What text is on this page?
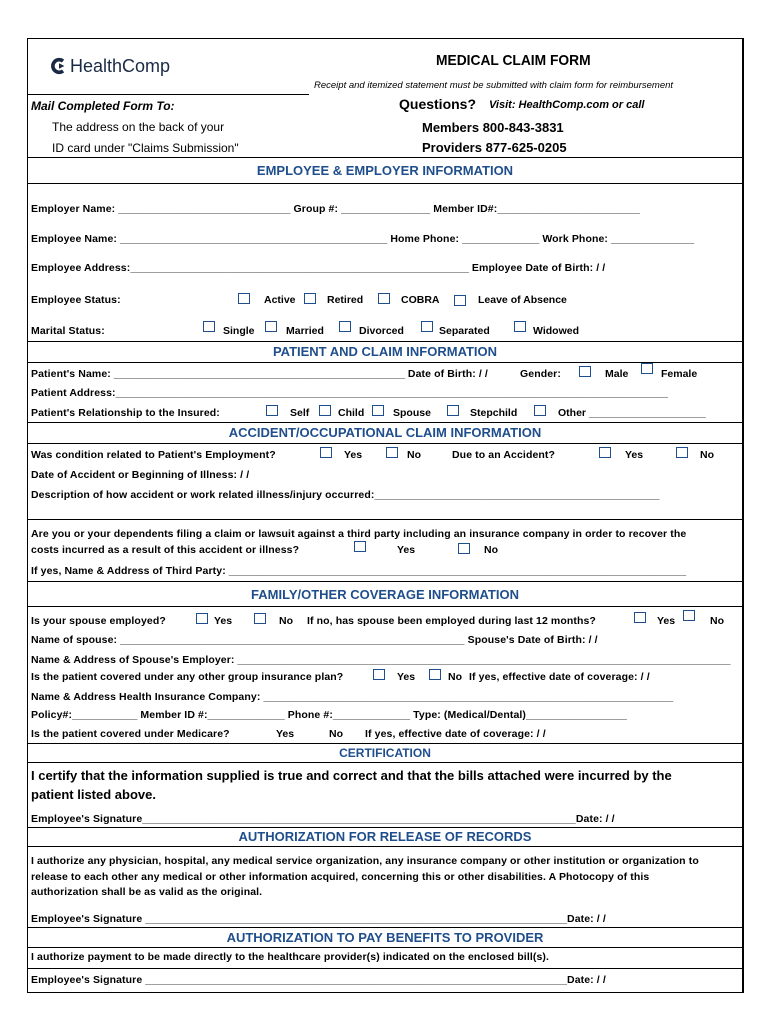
HealthComp	MEDICAL CLAIM FORM
Receipt and itemized statement must be submitted with claim form for reimbursement
Mail Completed Form To:
The address on the back of your
ID card under "Claims Submission"
Questions? Visit: HealthComp.com or call
Members 800-843-3831
Providers 877-625-0205
EMPLOYEE & EMPLOYER INFORMATION
Employer Name: _____________________________ Group #: _______________ Member ID#:________________________
Employee Name: _____________________________________________ Home Phone: _____________ Work Phone: ______________
Employee Address:_________________________________________________________ Employee Date of Birth: / /
Employee Status:	Active	Retired	COBRA	Leave of Absence
Marital Status:	Single	Married	Divorced	Separated	Widowed
PATIENT AND CLAIM INFORMATION
Patient's Name: _________________________________________________ Date of Birth: / /	Gender:	Male	Female
Patient Address:_____________________________________________________________________________________________
Patient's Relationship to the Insured:	Self	Child	Spouse	Stepchild	Other ____________________
ACCIDENT/OCCUPATIONAL CLAIM INFORMATION
Was condition related to Patient's Employment?	Yes	No	Due to an Accident?	Yes	No
Date of Accident or Beginning of Illness: / /
Description of how accident or work related illness/injury occurred:________________________________________________
Are you or your dependents filing a claim or lawsuit against a third party including an insurance company in order to recover the
costs incurred as a result of this accident or illness?	Yes	No
If yes, Name & Address of Third Party: _____________________________________________________________________________
FAMILY/OTHER COVERAGE INFORMATION
Is your spouse employed?	Yes	No If no, has spouse been employed during last 12 months?	Yes	No
Name of spouse: __________________________________________________________ Spouse's Date of Birth: / /
Name & Address of Spouse's Employer: ___________________________________________________________________________________
Is the patient covered under any other group insurance plan?	Yes	No If yes, effective date of coverage: / /
Name & Address Health Insurance Company: _____________________________________________________________________
Policy#:___________ Member ID #:_____________ Phone #:_____________ Type: (Medical/Dental)_________________
Is the patient covered under Medicare?	Yes	No If yes, effective date of coverage: / /
CERTIFICATION
I certify that the information supplied is true and correct and that the bills attached were incurred by the
patient listed above.
Employee's Signature_________________________________________________________________________Date: / /
AUTHORIZATION FOR RELEASE OF RECORDS
I authorize any physician, hospital, any medical service organization, any insurance company or other institution or organization to
release to each other any medical or other information acquired, concerning this or other disabilities. A Photocopy of this
authorization shall be as valid as the original.
Employee's Signature _______________________________________________________________________Date: / /
AUTHORIZATION TO PAY BENEFITS TO PROVIDER
I authorize payment to be made directly to the healthcare provider(s) indicated on the enclosed bill(s).
Employee's Signature _______________________________________________________________________Date: / /
